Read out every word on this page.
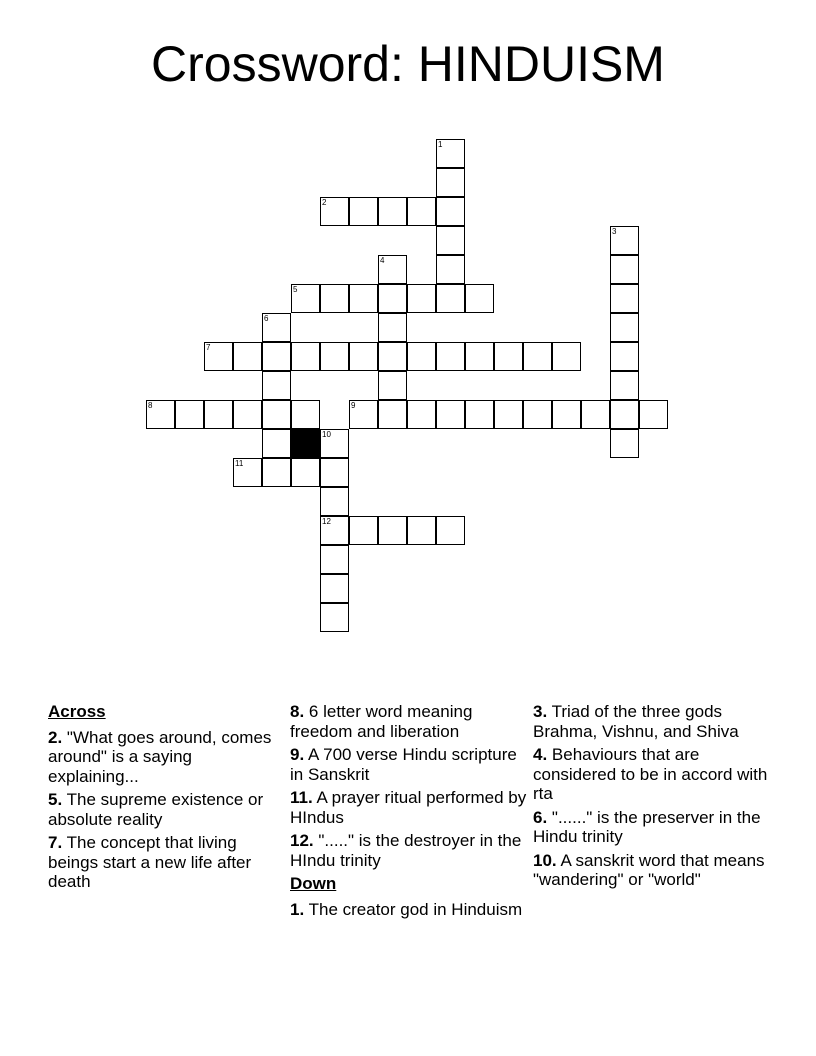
Crossword: HINDUISM
1
2
3
4
5
6
7
8	9
10
11
12
Across
2. "What goes around, comes around" is a saying explaining...
5. The supreme existence or absolute reality
7. The concept that living beings start a new life after death
8. 6 letter word meaning freedom and liberation
9. A 700 verse Hindu scripture in Sanskrit
11. A prayer ritual performed by HIndus
12. "....." is the destroyer in the HIndu trinity
Down
1. The creator god in Hinduism
3. Triad of the three gods Brahma, Vishnu, and Shiva
4. Behaviours that are considered to be in accord with rta
6. "......" is the preserver in the Hindu trinity
10. A sanskrit word that means "wandering" or "world"
